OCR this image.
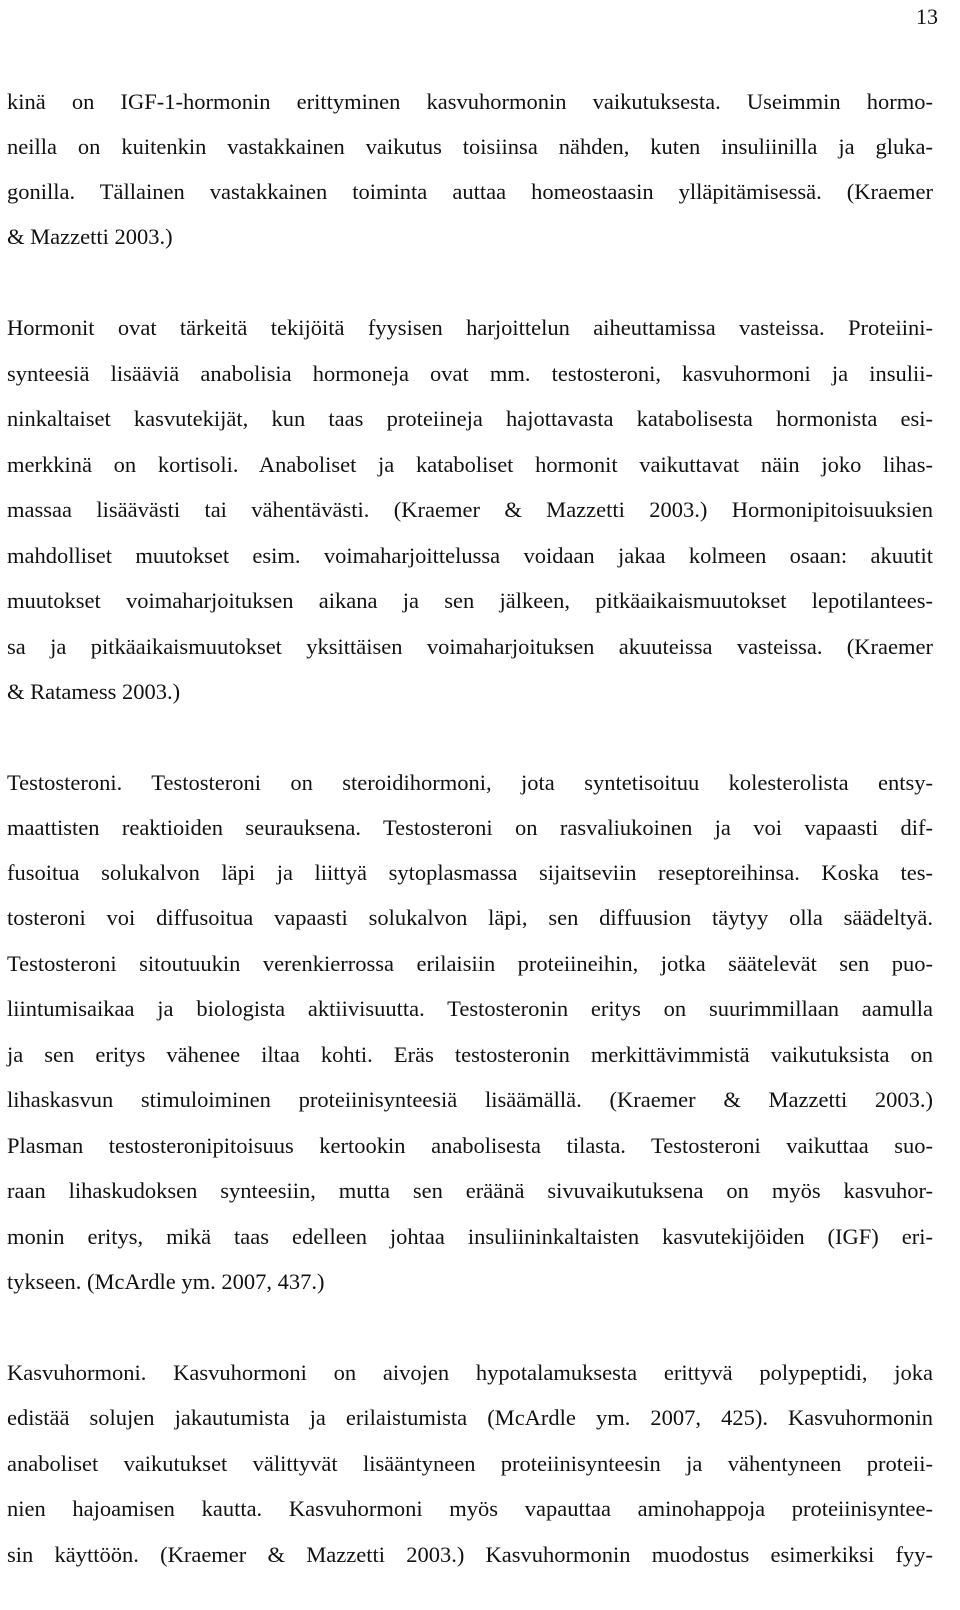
13
kinä on IGF-1-hormonin erittyminen kasvuhormonin vaikutuksesta. Useimmin hormo-
neilla on kuitenkin vastakkainen vaikutus toisiinsa nähden, kuten insuliinilla ja gluka-
gonilla. Tällainen vastakkainen toiminta auttaa homeostaasin ylläpitämisessä. (Kraemer
& Mazzetti 2003.)
Hormonit ovat tärkeitä tekijöitä fyysisen harjoittelun aiheuttamissa vasteissa. Proteiini-
synteesiä lisääviä anabolisia hormoneja ovat mm. testosteroni, kasvuhormoni ja insulii-
ninkaltaiset kasvutekijät, kun taas proteiineja hajottavasta katabolisesta hormonista esi-
merkkinä on kortisoli. Anaboliset ja kataboliset hormonit vaikuttavat näin joko lihas-
massaa lisäävästi tai vähentävästi. (Kraemer & Mazzetti 2003.) Hormonipitoisuuksien
mahdolliset muutokset esim. voimaharjoittelussa voidaan jakaa kolmeen osaan: akuutit
muutokset voimaharjoituksen aikana ja sen jälkeen, pitkäaikaismuutokset lepotilantees-
sa ja pitkäaikaismuutokset yksittäisen voimaharjoituksen akuuteissa vasteissa. (Kraemer
& Ratamess 2003.)
Testosteroni. Testosteroni on steroidihormoni, jota syntetisoituu kolesterolista entsy-
maattisten reaktioiden seurauksena. Testosteroni on rasvaliukoinen ja voi vapaasti dif-
fusoitua solukalvon läpi ja liittyä sytoplasmassa sijaitseviin reseptoreihinsa. Koska tes-
tosteroni voi diffusoitua vapaasti solukalvon läpi, sen diffuusion täytyy olla säädeltyä.
Testosteroni sitoutuukin verenkierrossa erilaisiin proteiineihin, jotka säätelevät sen puo-
liintumisaikaa ja biologista aktiivisuutta. Testosteronin eritys on suurimmillaan aamulla
ja sen eritys vähenee iltaa kohti. Eräs testosteronin merkittävimmistä vaikutuksista on
lihaskasvun stimuloiminen proteiinisynteesiä lisäämällä. (Kraemer & Mazzetti 2003.)
Plasman testosteronipitoisuus kertookin anabolisesta tilasta. Testosteroni vaikuttaa suo-
raan lihaskudoksen synteesiin, mutta sen eräänä sivuvaikutuksena on myös kasvuhor-
monin eritys, mikä taas edelleen johtaa insuliininkaltaisten kasvutekijöiden (IGF) eri-
tykseen. (McArdle ym. 2007, 437.)
Kasvuhormoni. Kasvuhormoni on aivojen hypotalamuksesta erittyvä polypeptidi, joka
edistää solujen jakautumista ja erilaistumista (McArdle ym. 2007, 425). Kasvuhormonin
anaboliset vaikutukset välittyvät lisääntyneen proteiinisynteesin ja vähentyneen proteii-
nien hajoamisen kautta. Kasvuhormoni myös vapauttaa aminohappoja proteiinisyntee-
sin käyttöön. (Kraemer & Mazzetti 2003.) Kasvuhormonin muodostus esimerkiksi fyy-
